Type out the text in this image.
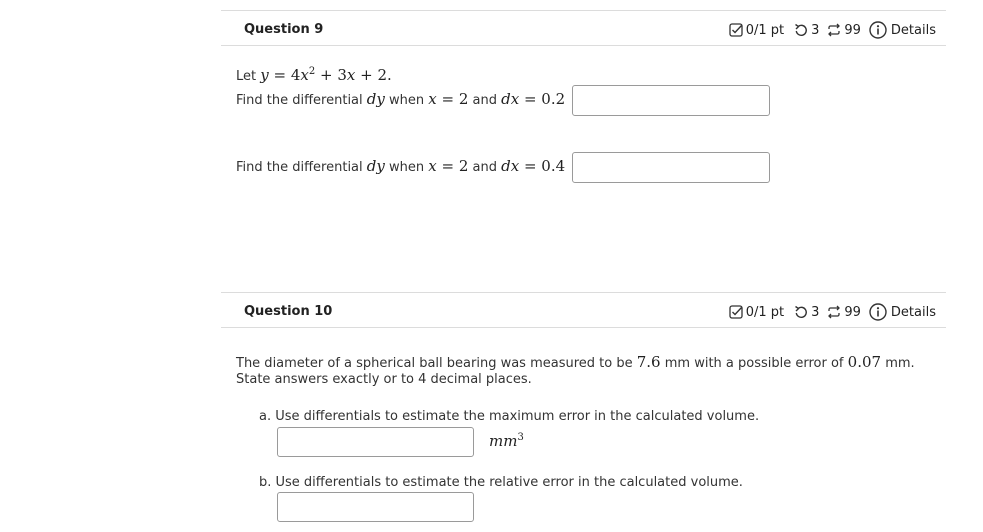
Question 9	0/1 pt 3 99 Details
Let $y = 4x^2 + 3x + 2$.
Find the differential dy when x = 2 and dx = 0.2
Find the differential dy when x = 2 and dx = 0.4
Question 10	0/1 pt 3 99 Details
The diameter of a spherical ball bearing was measured to be 7.6 mm with a possible error of 0.07 mm.
State answers exactly or to 4 decimal places.
a. Use differentials to estimate the maximum error in the calculated volume.
$mm^3$
b. Use differentials to estimate the relative error in the calculated volume.
